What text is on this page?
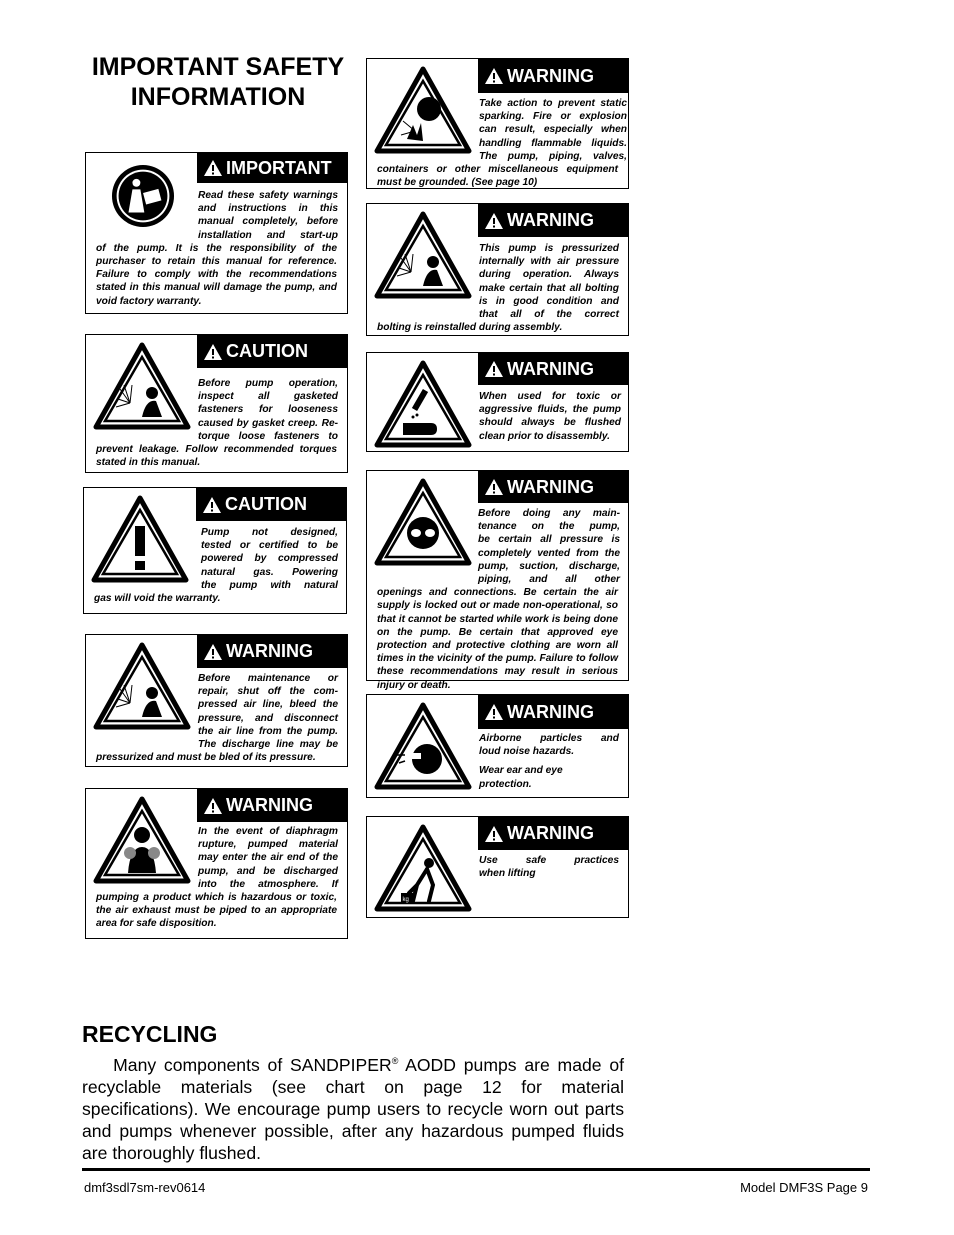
IMPORTANT SAFETY INFORMATION
IMPORTANT
Read these safety warnings
and instructions in this
manual completely, before
installation and start-up
of the pump. It is the responsibility of the purchaser to retain this manual for reference. Failure to comply with the recommendations stated in this manual will damage the pump, and void factory warranty.
CAUTION
Before pump operation,
inspect all gasketed
fasteners for looseness
caused by gasket creep. Re-
torque loose fasteners to
prevent leakage. Follow recommended torques stated in this manual.
CAUTION
Pump not designed,
tested or certified to be
powered by compressed
natural gas. Powering
the pump with natural
gas will void the warranty.
WARNING
Before maintenance or
repair, shut off the com-
pressed air line, bleed the
pressure, and disconnect
the air line from the pump.
The discharge line may be
pressurized and must be bled of its pressure.
WARNING
In the event of diaphragm
rupture, pumped material
may enter the air end of the
pump, and be discharged
into the atmosphere. If
pumping a product which is hazardous or toxic, the air exhaust must be piped to an appropriate area for safe disposition.
WARNING
Take action to prevent static
sparking. Fire or explosion
can result, especially when
handling flammable liquids.
The pump, piping, valves,
containers or other miscellaneous equipment must be grounded. (See page 10)
WARNING
This pump is pressurized
internally with air pressure
during operation. Always
make certain that all bolting
is in good condition and
that all of the correct
bolting is reinstalled during assembly.
WARNING
When used for toxic or
aggressive fluids, the pump
should always be flushed
clean prior to disassembly.
WARNING
Before doing any main-
tenance on the pump,
be certain all pressure is
completely vented from the
pump, suction, discharge,
piping, and all other
openings and connections. Be certain the air supply is locked out or made non-operational, so that it cannot be started while work is being done on the pump. Be certain that approved eye protection and protective clothing are worn all times in the vicinity of the pump. Failure to follow these recommendations may result in serious injury or death.
WARNING
Airborne particles and
loud noise hazards.
Wear ear and eye
protection.
WARNING
kg
Use safe practices
when lifting
RECYCLING
Many components of SANDPIPER® AODD pumps are made of recyclable materials (see chart on page 12 for material specifications). We encourage pump users to recycle worn out parts and pumps whenever possible, after any hazardous pumped fluids are thoroughly flushed.
dmf3sdl7sm-rev0614	Model DMF3S Page 9
